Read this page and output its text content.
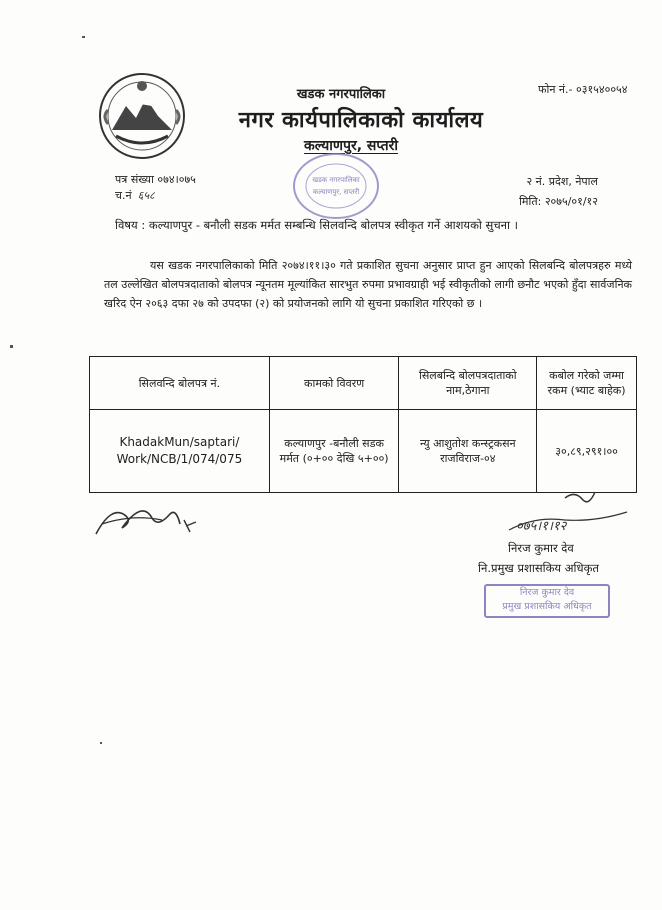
फोन नं.- ०३१५४००५४
खडक नगरपालिका
नगर कार्यपालिकाको कार्यालय
कल्याणपुर, सप्तरी
खडक नगरपालिका
कल्याणपुर, सप्तरी
पत्र संख्या ०७४।०७५
च.नं ६५८
२ नं. प्रदेश, नेपाल
मिति: २०७५/०१/१२
विषय : कल्याणपुर - बनौली सडक मर्मत सम्बन्धि सिलवन्दि बोलपत्र स्वीकृत गर्ने आशयको सुचना ।
यस खडक नगरपालिकाको मिति २०७४।११।३० गते प्रकाशित सुचना अनुसार प्राप्त हुन आएको सिलबन्दि बोलपत्रहरु मध्ये तल उल्लेखित बोलपत्रदाताको बोलपत्र न्यूनतम मूल्यांकित सारभुत रुपमा प्रभावग्राही भई स्वीकृतीको लागी छनौट भएको हुँदा सार्वजनिक खरिद ऐन २०६३ दफा २७ को उपदफा (२) को प्रयोजनको लागि यो सुचना प्रकाशित गरिएको छ ।
सिलवन्दि बोलपत्र नं.	कामको विवरण	सिलबन्दि बोलपत्रदाताको नाम,ठेगाना	कबोल गरेको जम्मा रकम (भ्याट बाहेक)
KhadakMun/saptari/ Work/NCB/1/074/075	कल्याणपुर -बनौली सडक मर्मत (०+०० देखि ५+००)	न्यु आशुतोश कन्स्ट्रकसन राजविराज-०४	३०,८९,२९१।००
०७५।१।१२
निरज कुमार देव
नि.प्रमुख प्रशासकिय अधिकृत
निरज कुमार देव
प्रमुख प्रशासकिय अधिकृत
